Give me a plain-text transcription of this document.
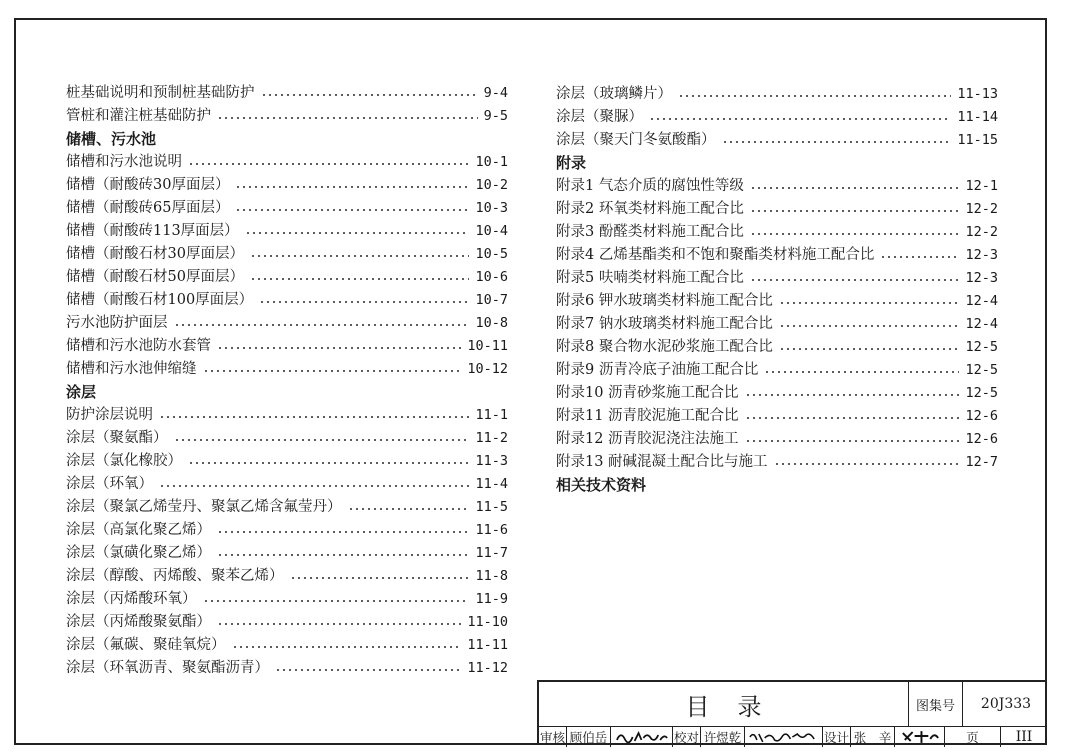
桩基础说明和预制桩基础防护	9-4
管桩和灌注桩基础防护	9-5
储槽、污水池
储槽和污水池说明	10-1
储槽（耐酸砖30厚面层）	10-2
储槽（耐酸砖65厚面层）	10-3
储槽（耐酸砖113厚面层）	10-4
储槽（耐酸石材30厚面层）	10-5
储槽（耐酸石材50厚面层）	10-6
储槽（耐酸石材100厚面层）	10-7
污水池防护面层	10-8
储槽和污水池防水套管	10-11
储槽和污水池伸缩缝	10-12
涂层
防护涂层说明	11-1
涂层（聚氨酯）	11-2
涂层（氯化橡胶）	11-3
涂层（环氧）	11-4
涂层（聚氯乙烯莹丹、聚氯乙烯含氟莹丹）	11-5
涂层（高氯化聚乙烯）	11-6
涂层（氯磺化聚乙烯）	11-7
涂层（醇酸、丙烯酸、聚苯乙烯）	11-8
涂层（丙烯酸环氧）	11-9
涂层（丙烯酸聚氨酯）	11-10
涂层（氟碳、聚硅氧烷）	11-11
涂层（环氧沥青、聚氨酯沥青）	11-12
涂层（玻璃鳞片）	11-13
涂层（聚脲）	11-14
涂层（聚天门冬氨酸酯）	11-15
附录
附录1 气态介质的腐蚀性等级	12-1
附录2 环氧类材料施工配合比	12-2
附录3 酚醛类材料施工配合比	12-2
附录4 乙烯基酯类和不饱和聚酯类材料施工配合比	12-3
附录5 呋喃类材料施工配合比	12-3
附录6 钾水玻璃类材料施工配合比	12-4
附录7 钠水玻璃类材料施工配合比	12-4
附录8 聚合物水泥砂浆施工配合比	12-5
附录9 沥青冷底子油施工配合比	12-5
附录10 沥青砂浆施工配合比	12-5
附录11 沥青胶泥施工配合比	12-6
附录12 沥青胶泥浇注法施工	12-6
附录13 耐碱混凝土配合比与施工	12-7
相关技术资料
目录	图集号	20J333
审核 顾伯岳	校对 许煜乾	设计 张　辛	页	III
